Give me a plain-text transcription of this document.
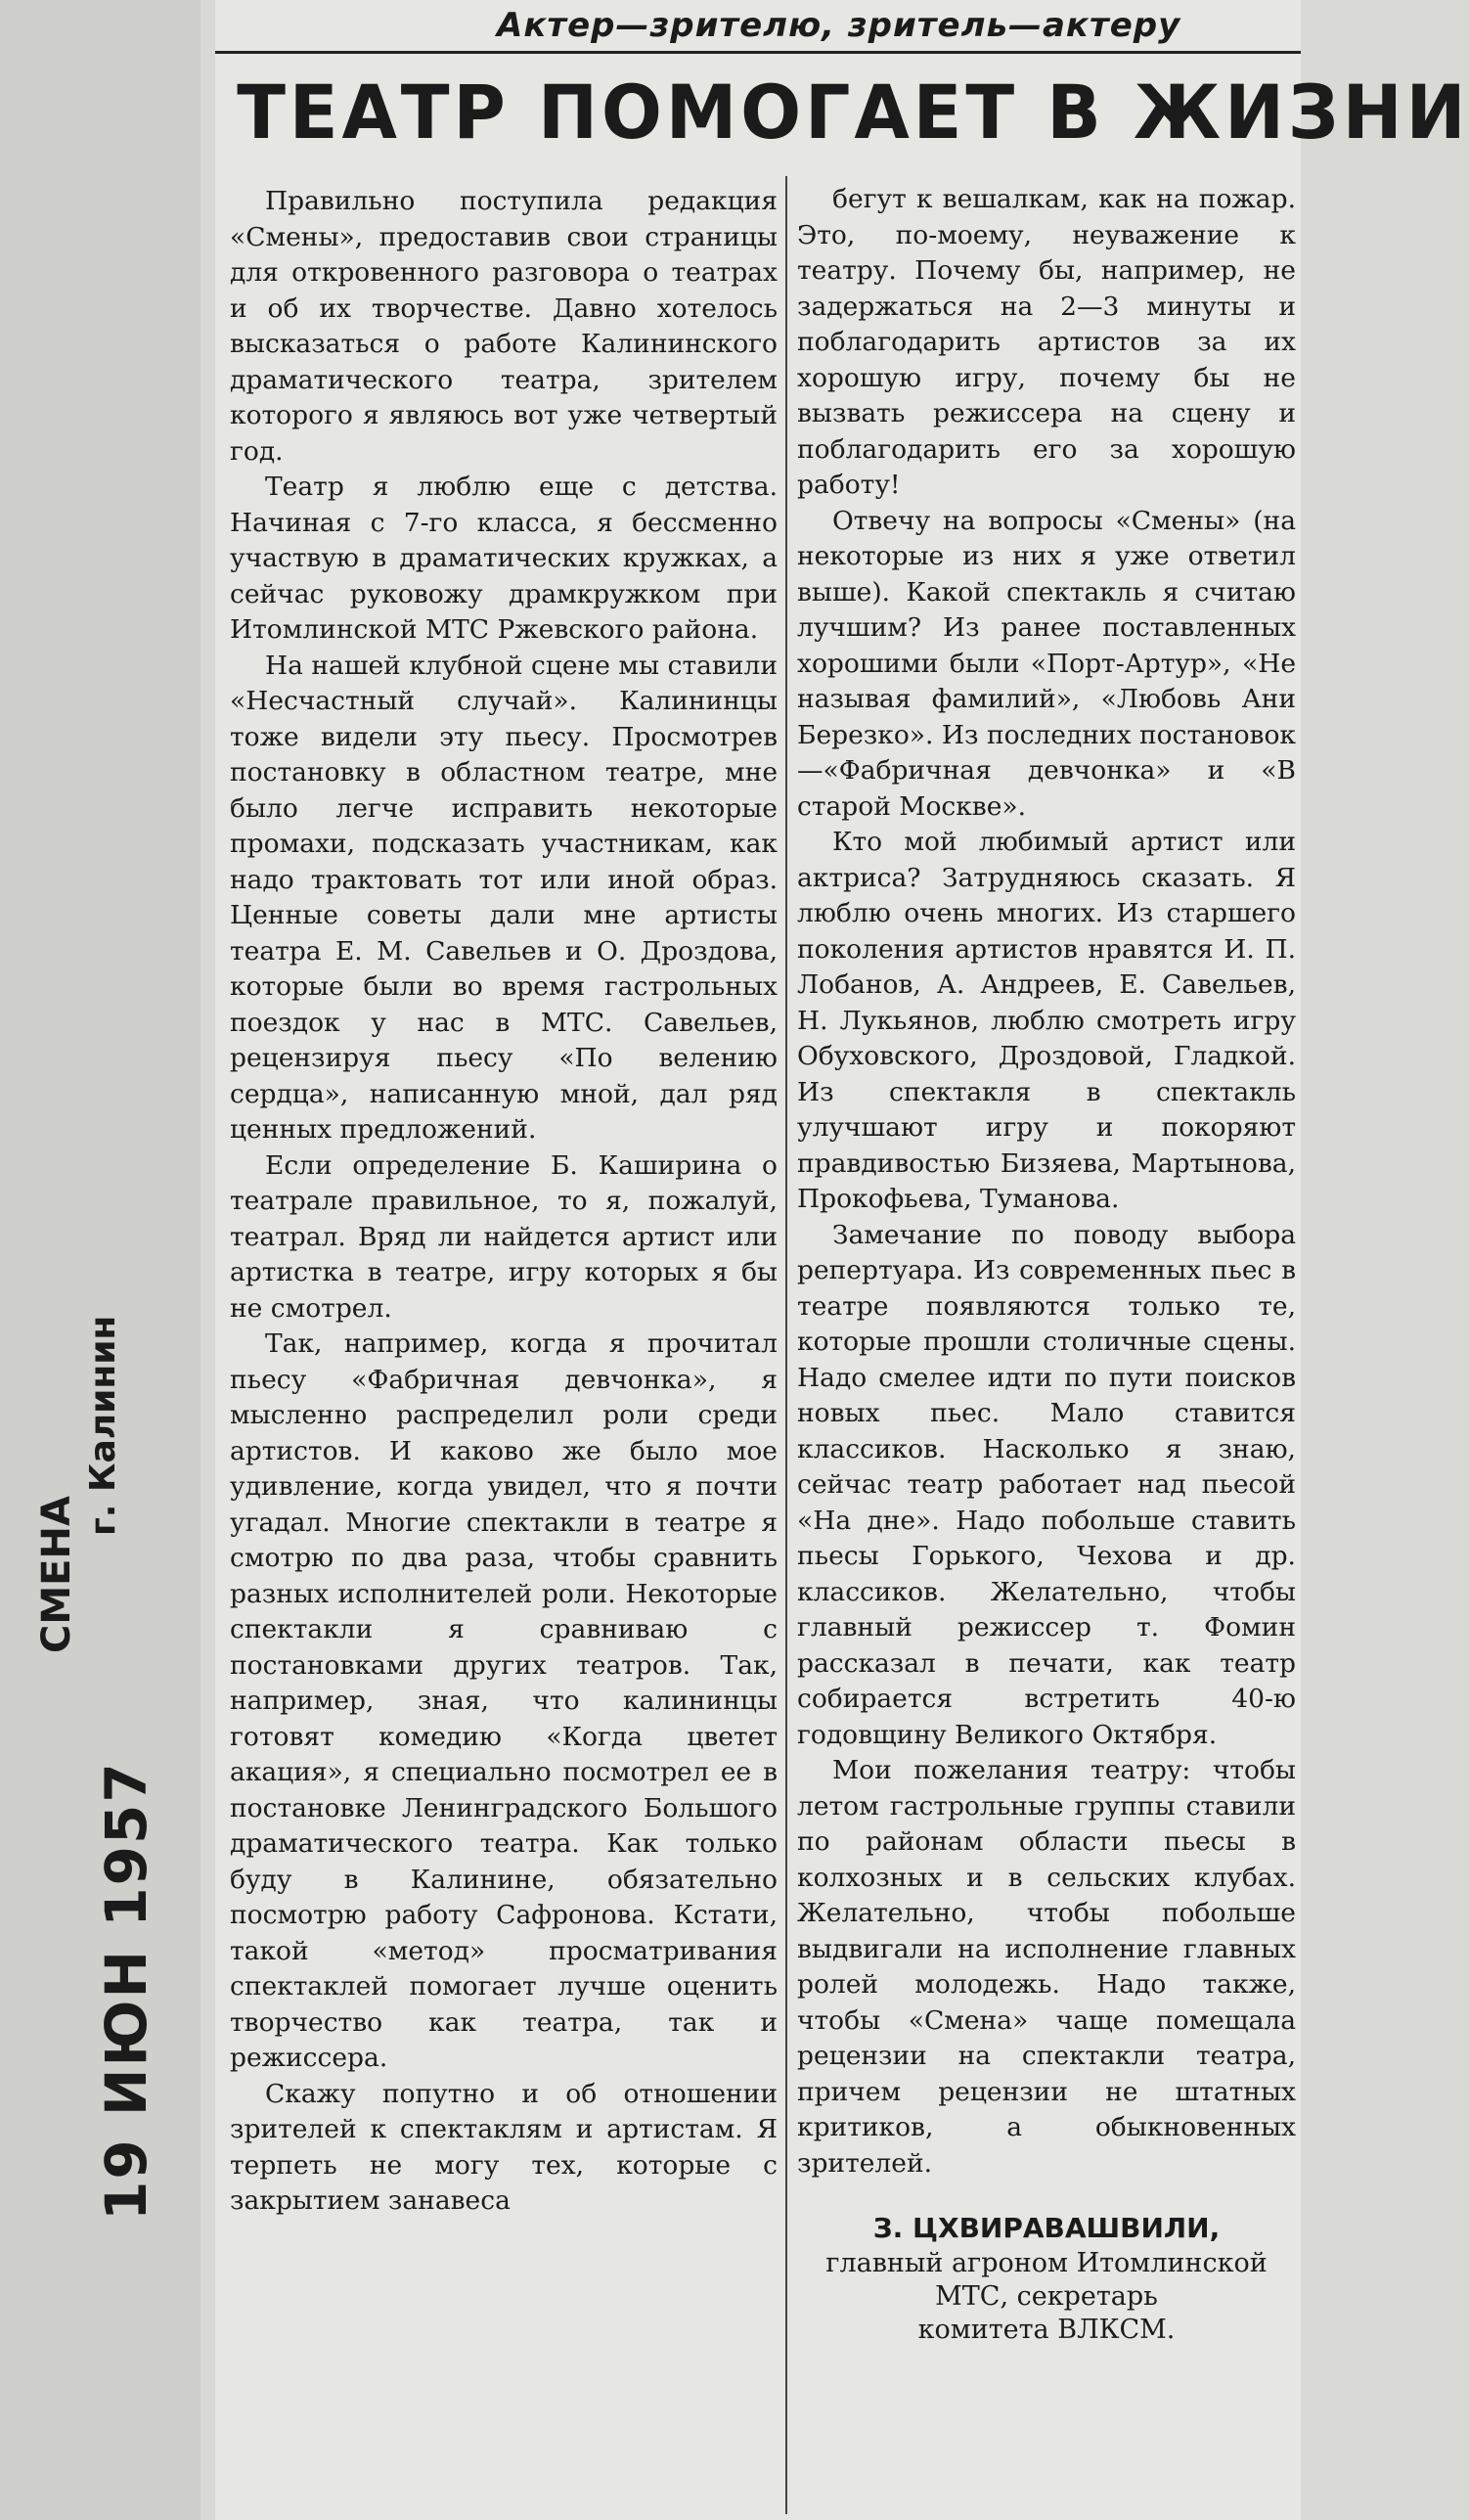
СМЕНА
г. Калинин
19 ИЮН 1957
Актер—зрителю, зритель—актеру
ТЕАТР ПОМОГАЕТ В ЖИЗНИ

Правильно поступила редакция «Смены», предоставив свои страницы для откровенного разговора о театрах и об их творчестве. Давно хотелось высказаться о работе Калининского драматического театра, зрителем которого я являюсь вот уже четвертый год.

Театр я люблю еще с детства. Начиная с 7-го класса, я бессменно участвую в драматических кружках, а сейчас руковожу драмкружком при Итомлинской МТС Ржевского района.

На нашей клубной сцене мы ставили «Несчастный случай». Калининцы тоже видели эту пьесу. Просмотрев постановку в областном театре, мне было легче исправить некоторые промахи, подсказать участникам, как надо трактовать тот или иной образ. Ценные советы дали мне артисты театра Е. М. Савельев и О. Дроздова, которые были во время гастрольных поездок у нас в МТС. Савельев, рецензируя пьесу «По велению сердца», написанную мной, дал ряд ценных предложений.

Если определение Б. Каширина о театрале правильное, то я, пожалуй, театрал. Вряд ли найдется артист или артистка в театре, игру которых я бы не смотрел.

Так, например, когда я прочитал пьесу «Фабричная девчонка», я мысленно распределил роли среди артистов. И каково же было мое удивление, когда увидел, что я почти угадал. Многие спектакли в театре я смотрю по два раза, чтобы сравнить разных исполнителей роли. Некоторые спектакли я сравниваю с постановками других театров. Так, например, зная, что калининцы готовят комедию «Когда цветет акация», я специально посмотрел ее в постановке Ленинградского Большого драматического театра. Как только буду в Калинине, обязательно посмотрю работу Сафронова. Кстати, такой «метод» просматривания спектаклей помогает лучше оценить творчество как театра, так и режиссера.

Скажу попутно и об отношении зрителей к спектаклям и артистам. Я терпеть не могу тех, которые с закрытием занавеса

бегут к вешалкам, как на пожар. Это, по-моему, неуважение к театру. Почему бы, например, не задержаться на 2—3 минуты и поблагодарить артистов за их хорошую игру, почему бы не вызвать режиссера на сцену и поблагодарить его за хорошую работу!

Отвечу на вопросы «Смены» (на некоторые из них я уже ответил выше). Какой спектакль я считаю лучшим? Из ранее поставленных хорошими были «Порт-Артур», «Не называя фамилий», «Любовь Ани Березко». Из последних постановок—«Фабричная девчонка» и «В старой Москве».

Кто мой любимый артист или актриса? Затрудняюсь сказать. Я люблю очень многих. Из старшего поколения артистов нравятся И. П. Лобанов, А. Андреев, Е. Савельев, Н. Лукьянов, люблю смотреть игру Обуховского, Дроздовой, Гладкой. Из спектакля в спектакль улучшают игру и покоряют правдивостью Бизяева, Мартынова, Прокофьева, Туманова.

Замечание по поводу выбора репертуара. Из современных пьес в театре появляются только те, которые прошли столичные сцены. Надо смелее идти по пути поисков новых пьес. Мало ставится классиков. Насколько я знаю, сейчас театр работает над пьесой «На дне». Надо побольше ставить пьесы Горького, Чехова и др. классиков. Желательно, чтобы главный режиссер т. Фомин рассказал в печати, как театр собирается встретить 40-ю годовщину Великого Октября.

Мои пожелания театру: чтобы летом гастрольные группы ставили по районам области пьесы в колхозных и в сельских клубах. Желательно, чтобы побольше выдвигали на исполнение главных ролей молодежь. Надо также, чтобы «Смена» чаще помещала рецензии на спектакли театра, причем рецензии не штатных критиков, а обыкновенных зрителей.

З. ЦХВИРАВАШВИЛИ,
главный агроном Итомлинской МТС, секретарь
комитета ВЛКСМ.
